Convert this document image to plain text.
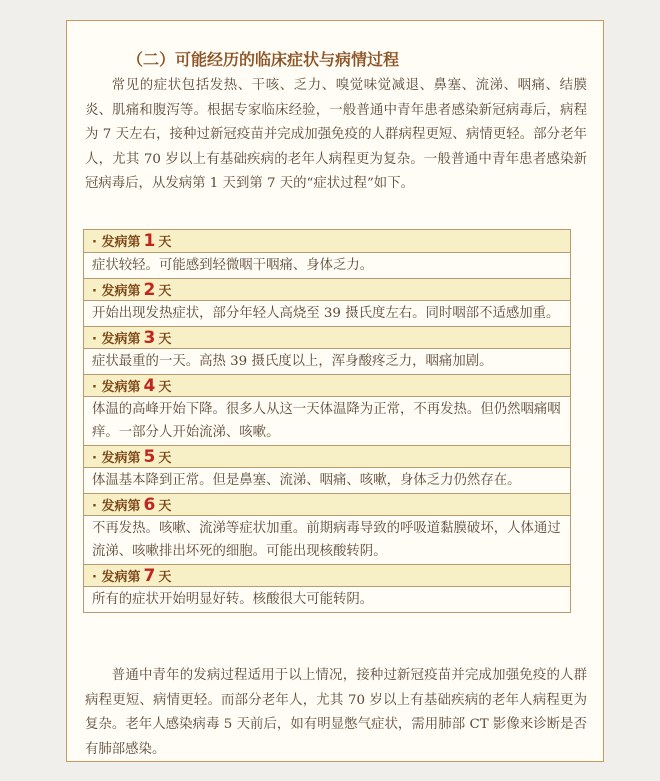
（二）可能经历的临床症状与病情过程

常见的症状包括发热、干咳、乏力、嗅觉味觉减退、鼻塞、流涕、咽痛、结膜炎、肌痛和腹泻等。根据专家临床经验，一般普通中青年患者感染新冠病毒后，病程为 7 天左右，接种过新冠疫苗并完成加强免疫的人群病程更短、病情更轻。部分老年人，尤其 70 岁以上有基础疾病的老年人病程更为复杂。一般普通中青年患者感染新冠病毒后，从发病第 1 天到第 7 天的“症状过程”如下。

· 发病第 1 天
症状较轻。可能感到轻微咽干咽痛、身体乏力。
· 发病第 2 天
开始出现发热症状，部分年轻人高烧至 39 摄氏度左右。同时咽部不适感加重。
· 发病第 3 天
症状最重的一天。高热 39 摄氏度以上，浑身酸疼乏力，咽痛加剧。
· 发病第 4 天
体温的高峰开始下降。很多人从这一天体温降为正常，不再发热。但仍然咽痛咽痒。一部分人开始流涕、咳嗽。
· 发病第 5 天
体温基本降到正常。但是鼻塞、流涕、咽痛、咳嗽，身体乏力仍然存在。
· 发病第 6 天
不再发热。咳嗽、流涕等症状加重。前期病毒导致的呼吸道黏膜破坏，人体通过流涕、咳嗽排出坏死的细胞。可能出现核酸转阴。
· 发病第 7 天
所有的症状开始明显好转。核酸很大可能转阴。

普通中青年的发病过程适用于以上情况，接种过新冠疫苗并完成加强免疫的人群病程更短、病情更轻。而部分老年人，尤其 70 岁以上有基础疾病的老年人病程更为复杂。老年人感染病毒 5 天前后，如有明显憋气症状，需用肺部 CT 影像来诊断是否有肺部感染。
